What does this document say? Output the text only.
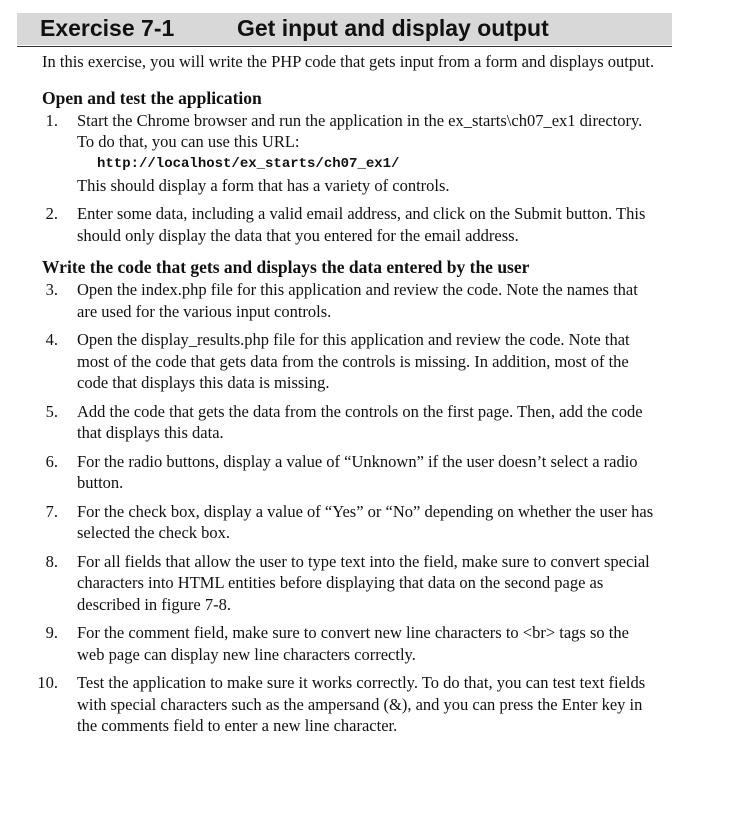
Exercise 7-1	Get input and display output

In this exercise, you will write the PHP code that gets input from a form and displays output.

Open and test the application
1. Start the Chrome browser and run the application in the ex_starts\ch07_ex1 directory. To do that, you can use this URL:
http://localhost/ex_starts/ch07_ex1/
This should display a form that has a variety of controls.
2. Enter some data, including a valid email address, and click on the Submit button. This should only display the data that you entered for the email address.
Write the code that gets and displays the data entered by the user
3. Open the index.php file for this application and review the code. Note the names that are used for the various input controls.
4. Open the display_results.php file for this application and review the code. Note that most of the code that gets data from the controls is missing. In addition, most of the code that displays this data is missing.
5. Add the code that gets the data from the controls on the first page. Then, add the code that displays this data.
6. For the radio buttons, display a value of “Unknown” if the user doesn’t select a radio button.
7. For the check box, display a value of “Yes” or “No” depending on whether the user has selected the check box.
8. For all fields that allow the user to type text into the field, make sure to convert special characters into HTML entities before displaying that data on the second page as described in figure 7-8.
9. For the comment field, make sure to convert new line characters to <br> tags so the web page can display new line characters correctly.
10. Test the application to make sure it works correctly. To do that, you can test text fields with special characters such as the ampersand (&), and you can press the Enter key in the comments field to enter a new line character.
